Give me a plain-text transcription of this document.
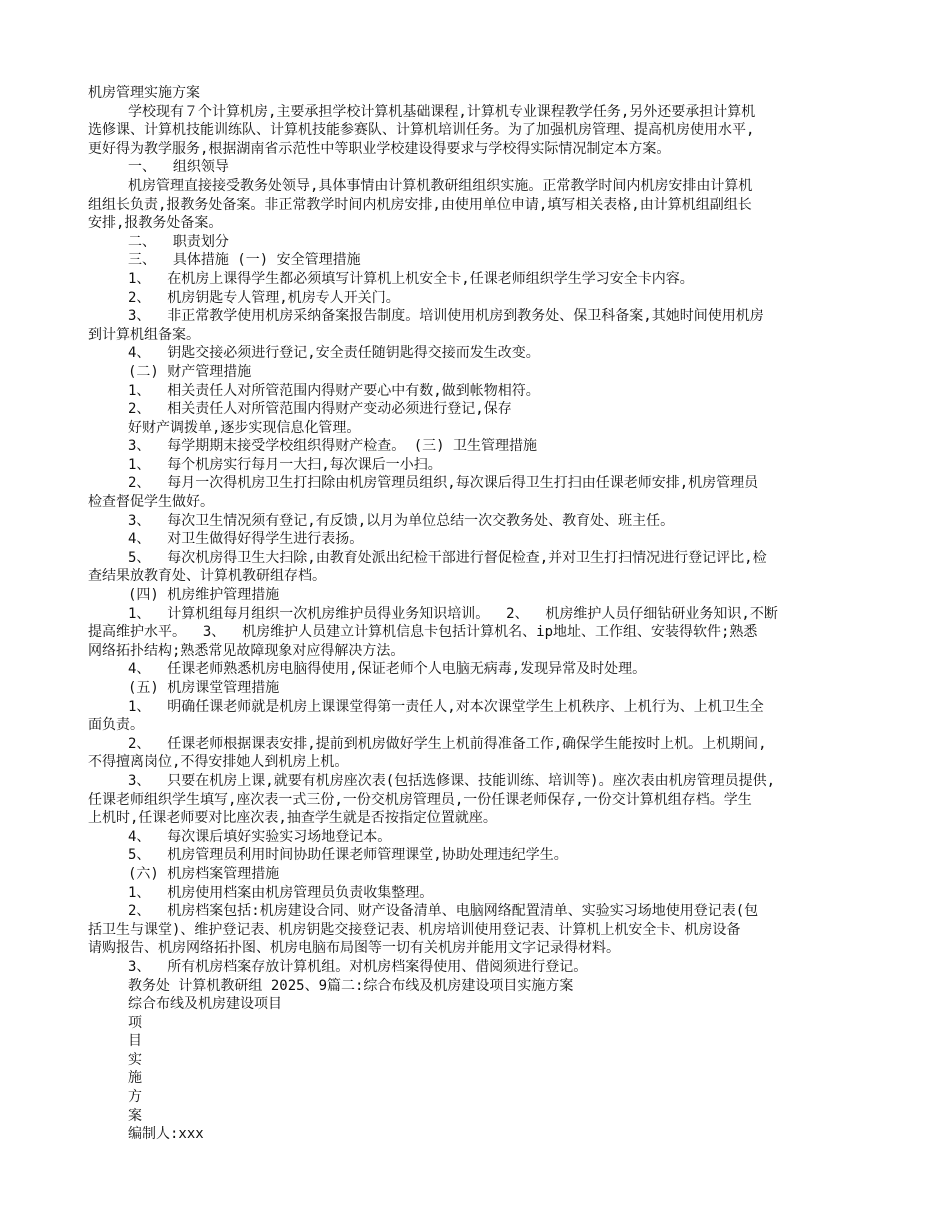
机房管理实施方案
学校现有７个计算机房,主要承担学校计算机基础课程,计算机专业课程教学任务,另外还要承担计算机
选修课、计算机技能训练队、计算机技能参赛队、计算机培训任务。为了加强机房管理、提高机房使用水平,
更好得为教学服务,根据湖南省示范性中等职业学校建设得要求与学校得实际情况制定本方案。
一、  组织领导
机房管理直接接受教务处领导,具体事情由计算机教研组组织实施。正常教学时间内机房安排由计算机
组组长负责,报教务处备案。非正常教学时间内机房安排,由使用单位申请,填写相关表格,由计算机组副组长
安排,报教务处备案。
二、  职责划分
三、  具体措施 (一) 安全管理措施
1、  在机房上课得学生都必须填写计算机上机安全卡,任课老师组织学生学习安全卡内容。
2、  机房钥匙专人管理,机房专人开关门。
3、  非正常教学使用机房采纳备案报告制度。培训使用机房到教务处、保卫科备案,其她时间使用机房
到计算机组备案。
4、  钥匙交接必须进行登记,安全责任随钥匙得交接而发生改变。
(二) 财产管理措施
1、  相关责任人对所管范围内得财产要心中有数,做到帐物相符。
2、  相关责任人对所管范围内得财产变动必须进行登记,保存
好财产调拨单,逐步实现信息化管理。
3、  每学期期末接受学校组织得财产检查。 (三) 卫生管理措施
1、  每个机房实行每月一大扫,每次课后一小扫。
2、  每月一次得机房卫生打扫除由机房管理员组织,每次课后得卫生打扫由任课老师安排,机房管理员
检查督促学生做好。
3、  每次卫生情况须有登记,有反馈,以月为单位总结一次交教务处、教育处、班主任。
4、  对卫生做得好得学生进行表扬。
5、  每次机房得卫生大扫除,由教育处派出纪检干部进行督促检查,并对卫生打扫情况进行登记评比,检
查结果放教育处、计算机教研组存档。
(四) 机房维护管理措施
1、  计算机组每月组织一次机房维护员得业务知识培训。  2、  机房维护人员仔细钻研业务知识,不断
提高维护水平。  3、  机房维护人员建立计算机信息卡包括计算机名、ip地址、工作组、安装得软件;熟悉
网络拓扑结构;熟悉常见故障现象对应得解决方法。
4、  任课老师熟悉机房电脑得使用,保证老师个人电脑无病毒,发现异常及时处理。
(五) 机房课堂管理措施
1、  明确任课老师就是机房上课课堂得第一责任人,对本次课堂学生上机秩序、上机行为、上机卫生全
面负责。
2、  任课老师根据课表安排,提前到机房做好学生上机前得准备工作,确保学生能按时上机。上机期间,
不得擅离岗位,不得安排她人到机房上机。
3、  只要在机房上课,就要有机房座次表(包括选修课、技能训练、培训等)。座次表由机房管理员提供,
任课老师组织学生填写,座次表一式三份,一份交机房管理员,一份任课老师保存,一份交计算机组存档。学生
上机时,任课老师要对比座次表,抽查学生就是否按指定位置就座。
4、  每次课后填好实验实习场地登记本。
5、  机房管理员利用时间协助任课老师管理课堂,协助处理违纪学生。
(六) 机房档案管理措施
1、  机房使用档案由机房管理员负责收集整理。
2、  机房档案包括:机房建设合同、财产设备清单、电脑网络配置清单、实验实习场地使用登记表(包
括卫生与课堂)、维护登记表、机房钥匙交接登记表、机房培训使用登记表、计算机上机安全卡、机房设备
请购报告、机房网络拓扑图、机房电脑布局图等一切有关机房并能用文字记录得材料。
3、  所有机房档案存放计算机组。对机房档案得使用、借阅须进行登记。
教务处 计算机教研组 2025、9篇二:综合布线及机房建设项目实施方案
综合布线及机房建设项目
项
目
实
施
方
案
编制人:xxx
